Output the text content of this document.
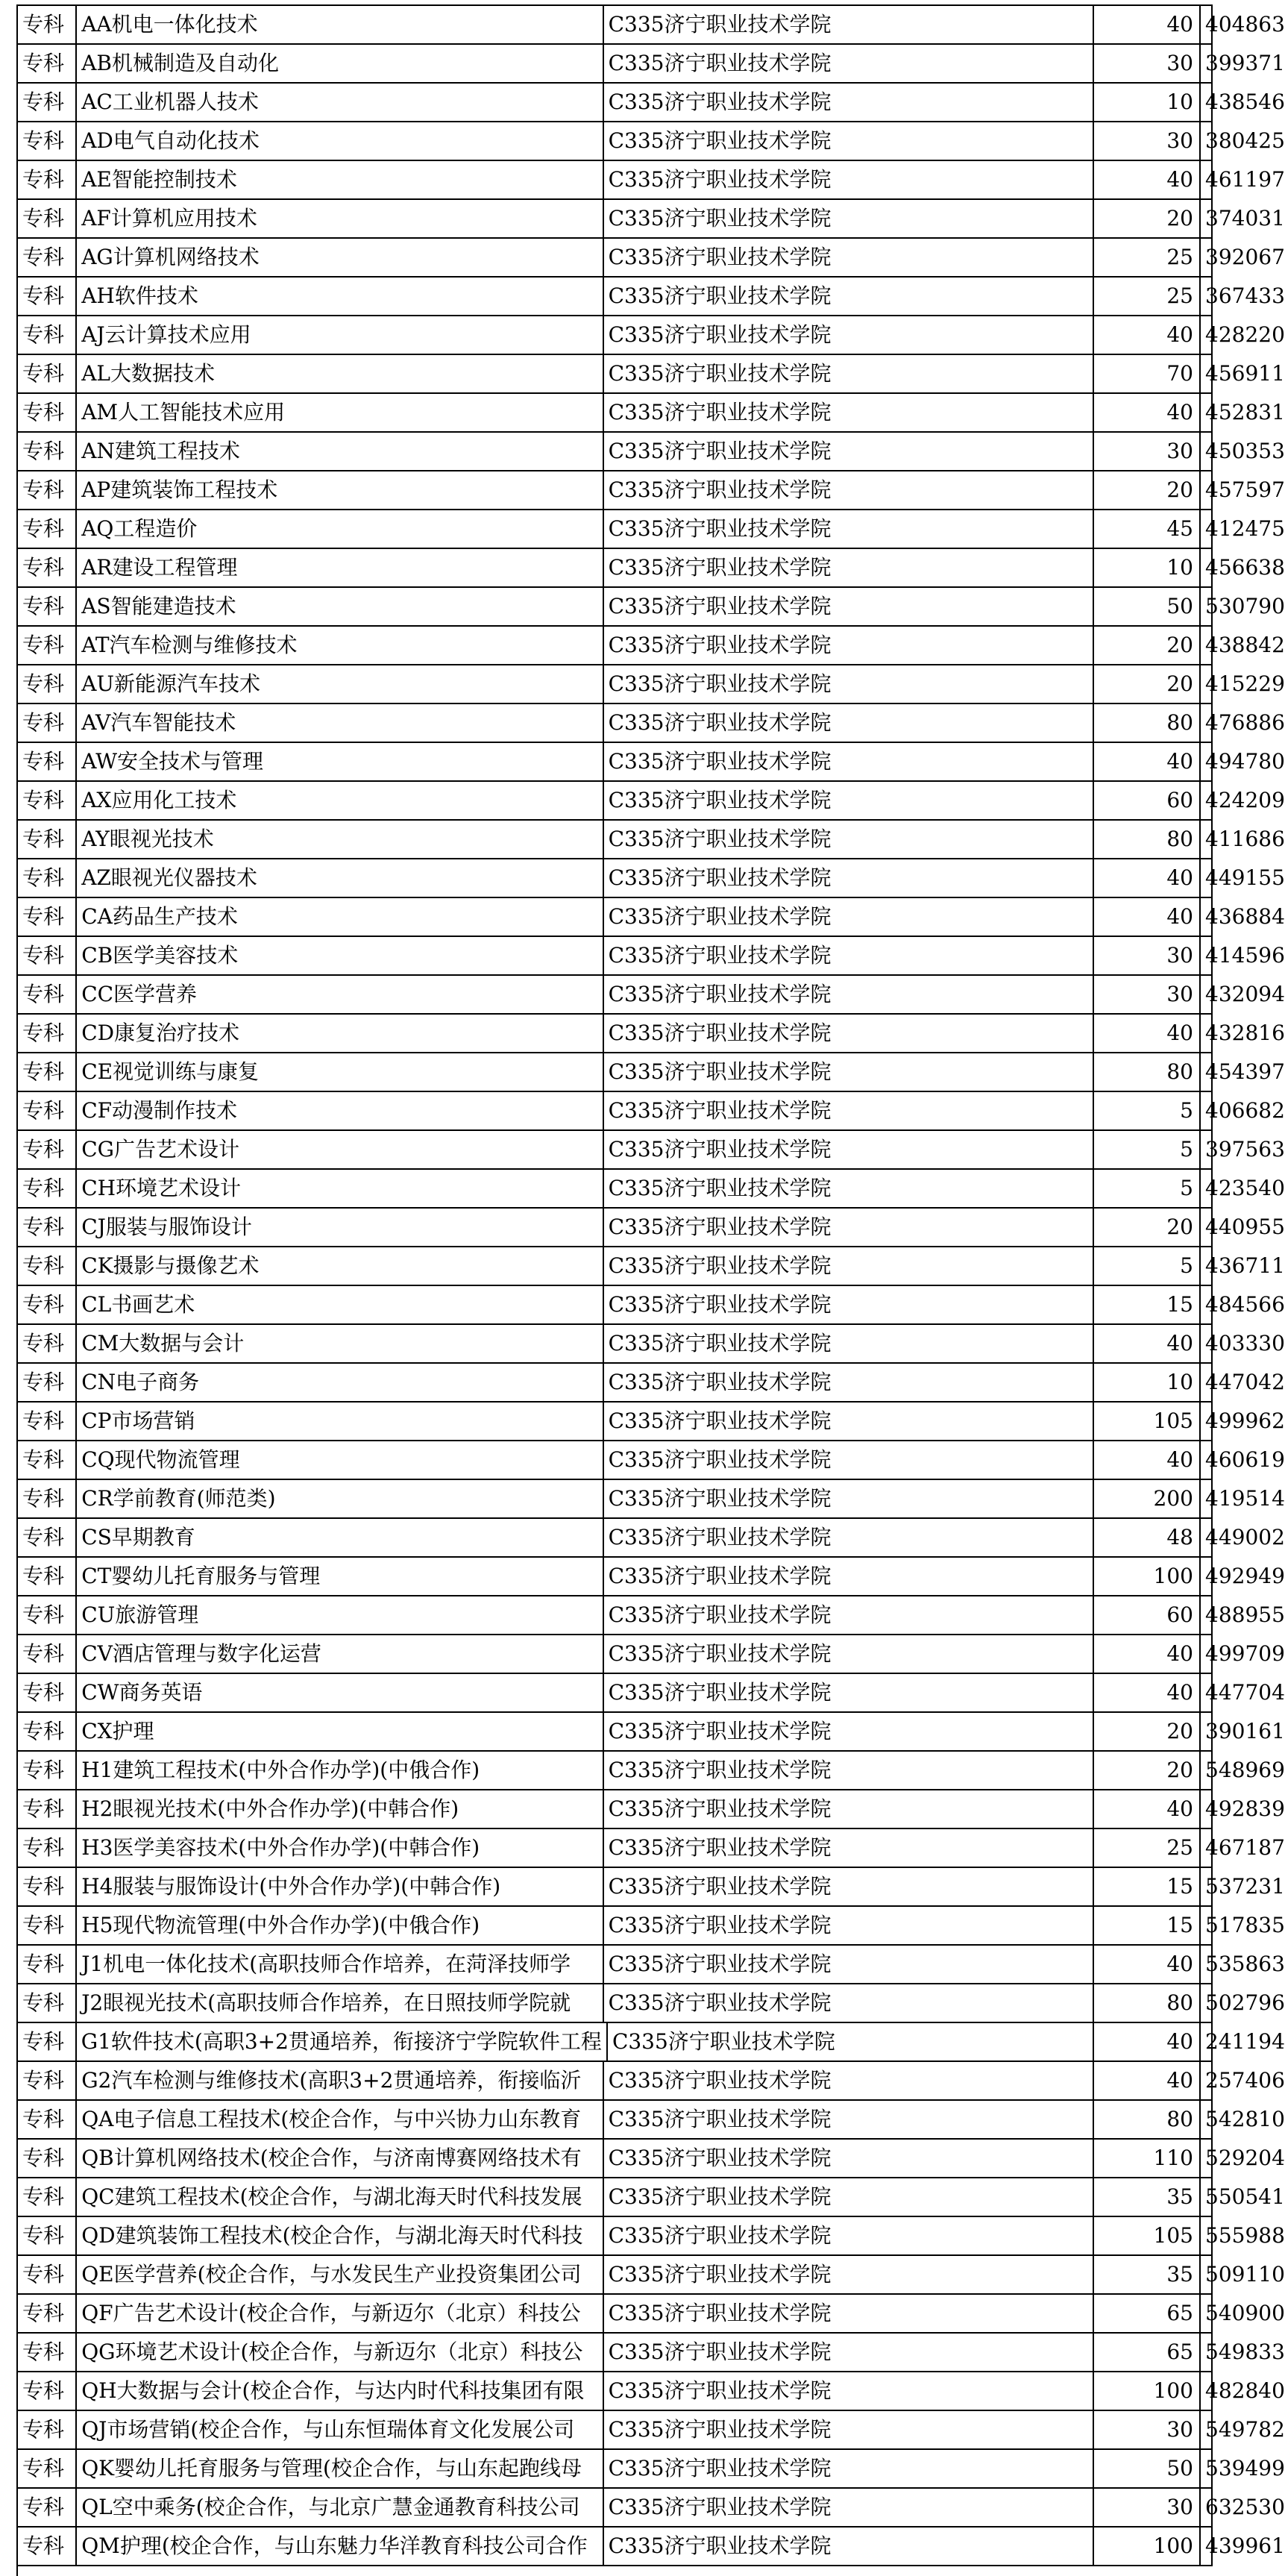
专科 AA机电一体化技术	C335济宁职业技术学院	40 404863
专科 AB机械制造及自动化	C335济宁职业技术学院	30 399371
专科 AC工业机器人技术	C335济宁职业技术学院	10 438546
专科 AD电气自动化技术	C335济宁职业技术学院	30 380425
专科 AE智能控制技术	C335济宁职业技术学院	40 461197
专科 AF计算机应用技术	C335济宁职业技术学院	20 374031
专科 AG计算机网络技术	C335济宁职业技术学院	25 392067
专科 AH软件技术	C335济宁职业技术学院	25 367433
专科 AJ云计算技术应用	C335济宁职业技术学院	40 428220
专科 AL大数据技术	C335济宁职业技术学院	70 456911
专科 AM人工智能技术应用	C335济宁职业技术学院	40 452831
专科 AN建筑工程技术	C335济宁职业技术学院	30 450353
专科 AP建筑装饰工程技术	C335济宁职业技术学院	20 457597
专科 AQ工程造价	C335济宁职业技术学院	45 412475
专科 AR建设工程管理	C335济宁职业技术学院	10 456638
专科 AS智能建造技术	C335济宁职业技术学院	50 530790
专科 AT汽车检测与维修技术	C335济宁职业技术学院	20 438842
专科 AU新能源汽车技术	C335济宁职业技术学院	20 415229
专科 AV汽车智能技术	C335济宁职业技术学院	80 476886
专科 AW安全技术与管理	C335济宁职业技术学院	40 494780
专科 AX应用化工技术	C335济宁职业技术学院	60 424209
专科 AY眼视光技术	C335济宁职业技术学院	80 411686
专科 AZ眼视光仪器技术	C335济宁职业技术学院	40 449155
专科 CA药品生产技术	C335济宁职业技术学院	40 436884
专科 CB医学美容技术	C335济宁职业技术学院	30 414596
专科 CC医学营养	C335济宁职业技术学院	30 432094
专科 CD康复治疗技术	C335济宁职业技术学院	40 432816
专科 CE视觉训练与康复	C335济宁职业技术学院	80 454397
专科 CF动漫制作技术	C335济宁职业技术学院	5 406682
专科 CG广告艺术设计	C335济宁职业技术学院	5 397563
专科 CH环境艺术设计	C335济宁职业技术学院	5 423540
专科 CJ服装与服饰设计	C335济宁职业技术学院	20 440955
专科 CK摄影与摄像艺术	C335济宁职业技术学院	5 436711
专科 CL书画艺术	C335济宁职业技术学院	15 484566
专科 CM大数据与会计	C335济宁职业技术学院	40 403330
专科 CN电子商务	C335济宁职业技术学院	10 447042
专科 CP市场营销	C335济宁职业技术学院	105 499962
专科 CQ现代物流管理	C335济宁职业技术学院	40 460619
专科 CR学前教育(师范类)	C335济宁职业技术学院	200 419514
专科 CS早期教育	C335济宁职业技术学院	48 449002
专科 CT婴幼儿托育服务与管理	C335济宁职业技术学院	100 492949
专科 CU旅游管理	C335济宁职业技术学院	60 488955
专科 CV酒店管理与数字化运营	C335济宁职业技术学院	40 499709
专科 CW商务英语	C335济宁职业技术学院	40 447704
专科 CX护理	C335济宁职业技术学院	20 390161
专科 H1建筑工程技术(中外合作办学)(中俄合作)	C335济宁职业技术学院	20 548969
专科 H2眼视光技术(中外合作办学)(中韩合作)	C335济宁职业技术学院	40 492839
专科 H3医学美容技术(中外合作办学)(中韩合作)	C335济宁职业技术学院	25 467187
专科 H4服装与服饰设计(中外合作办学)(中韩合作)	C335济宁职业技术学院	15 537231
专科 H5现代物流管理(中外合作办学)(中俄合作)	C335济宁职业技术学院	15 517835
专科 J1机电一体化技术(高职技师合作培养，在菏泽技师学	C335济宁职业技术学院	40 535863
专科 J2眼视光技术(高职技师合作培养，在日照技师学院就	C335济宁职业技术学院	80 502796
专科 G1软件技术(高职3+2贯通培养，衔接济宁学院软件工程 C335济宁职业技术学院	40 241194
专科 G2汽车检测与维修技术(高职3+2贯通培养，衔接临沂	C335济宁职业技术学院	40 257406
专科 QA电子信息工程技术(校企合作，与中兴协力山东教育	C335济宁职业技术学院	80 542810
专科 QB计算机网络技术(校企合作，与济南博赛网络技术有	C335济宁职业技术学院	110 529204
专科 QC建筑工程技术(校企合作，与湖北海天时代科技发展	C335济宁职业技术学院	35 550541
专科 QD建筑装饰工程技术(校企合作，与湖北海天时代科技	C335济宁职业技术学院	105 555988
专科 QE医学营养(校企合作，与水发民生产业投资集团公司	C335济宁职业技术学院	35 509110
专科 QF广告艺术设计(校企合作，与新迈尔（北京）科技公	C335济宁职业技术学院	65 540900
专科 QG环境艺术设计(校企合作，与新迈尔（北京）科技公	C335济宁职业技术学院	65 549833
专科 QH大数据与会计(校企合作，与达内时代科技集团有限	C335济宁职业技术学院	100 482840
专科 QJ市场营销(校企合作，与山东恒瑞体育文化发展公司	C335济宁职业技术学院	30 549782
专科 QK婴幼儿托育服务与管理(校企合作，与山东起跑线母	C335济宁职业技术学院	50 539499
专科 QL空中乘务(校企合作，与北京广慧金通教育科技公司	C335济宁职业技术学院	30 632530
专科 QM护理(校企合作，与山东魅力华洋教育科技公司合作 C335济宁职业技术学院	100 439961
